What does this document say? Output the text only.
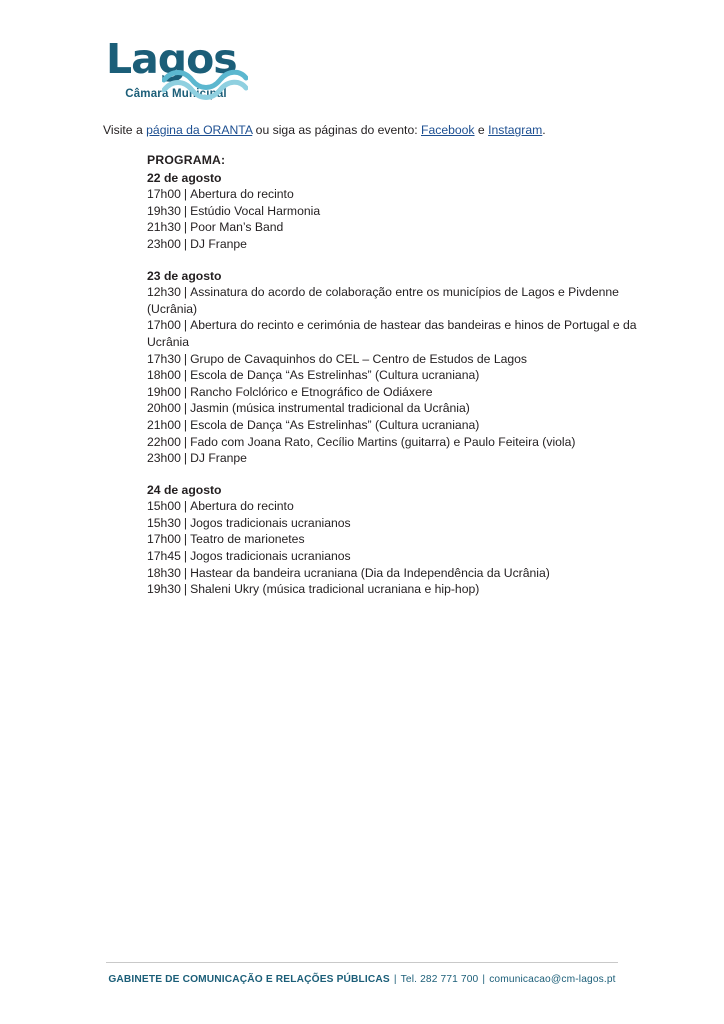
Lagos
Câmara Municipal
Visite a página da ORANTA ou siga as páginas do evento: Facebook e Instagram.
PROGRAMA:
22 de agosto
17h00 | Abertura do recinto
19h30 | Estúdio Vocal Harmonia
21h30 | Poor Man’s Band
23h00 | DJ Franpe
23 de agosto
12h30 | Assinatura do acordo de colaboração entre os municípios de Lagos e Pivdenne (Ucrânia)
17h00 | Abertura do recinto e cerimónia de hastear das bandeiras e hinos de Portugal e da Ucrânia
17h30 | Grupo de Cavaquinhos do CEL – Centro de Estudos de Lagos
18h00 | Escola de Dança “As Estrelinhas” (Cultura ucraniana)
19h00 | Rancho Folclórico e Etnográfico de Odiáxere
20h00 | Jasmin (música instrumental tradicional da Ucrânia)
21h00 | Escola de Dança “As Estrelinhas” (Cultura ucraniana)
22h00 | Fado com Joana Rato, Cecílio Martins (guitarra) e Paulo Feiteira (viola)
23h00 | DJ Franpe
24 de agosto
15h00 | Abertura do recinto
15h30 | Jogos tradicionais ucranianos
17h00 | Teatro de marionetes
17h45 | Jogos tradicionais ucranianos
18h30 | Hastear da bandeira ucraniana (Dia da Independência da Ucrânia)
19h30 | Shaleni Ukry (música tradicional ucraniana e hip-hop)
GABINETE DE COMUNICAÇÃO E RELAÇÕES PÚBLICAS | Tel. 282 771 700 | comunicacao@cm-lagos.pt
